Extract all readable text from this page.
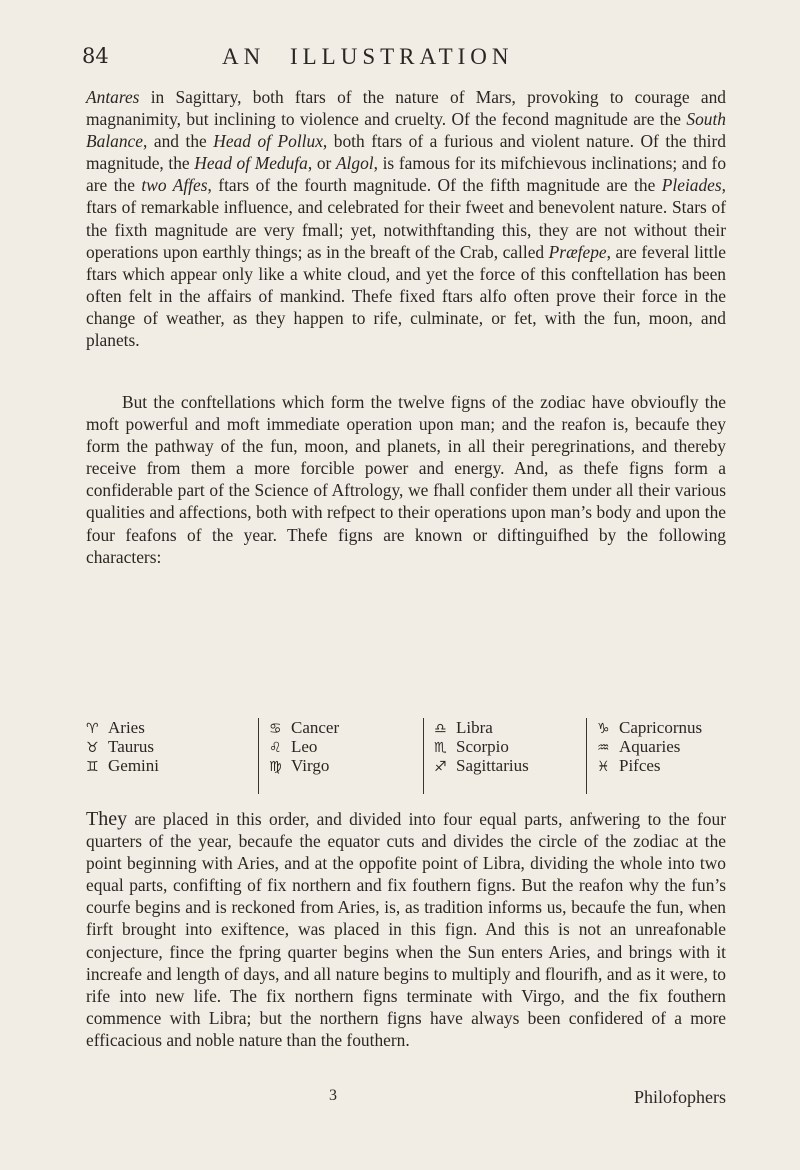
84	AN ILLUSTRATION

Antares in Sagittary, both ftars of the nature of Mars, provoking to courage and magnanimity, but inclining to violence and cruelty. Of the fecond magnitude are the South Balance, and the Head of Pollux, both ftars of a furious and violent nature. Of the third magnitude, the Head of Medufa, or Algol, is famous for its mifchievous inclinations; and fo are the two Affes, ftars of the fourth magnitude. Of the fifth magnitude are the Pleiades, ftars of remarkable influence, and celebrated for their fweet and benevolent nature. Stars of the fixth magnitude are very fmall; yet, notwithftanding this, they are not without their operations upon earthly things; as in the breaft of the Crab, called Præfepe, are feveral little ftars which appear only like a white cloud, and yet the force of this conftellation has been often felt in the affairs of mankind. Thefe fixed ftars alfo often prove their force in the change of weather, as they happen to rife, culminate, or fet, with the fun, moon, and planets.

But the conftellations which form the twelve figns of the zodiac have obvioufly the moft powerful and moft immediate operation upon man; and the reafon is, becaufe they form the pathway of the fun, moon, and planets, in all their peregrinations, and thereby receive from them a more forcible power and energy. And, as thefe figns form a confiderable part of the Science of Aftrology, we fhall confider them under all their various qualities and affections, both with refpect to their operations upon man’s body and upon the four feafons of the year. Thefe figns are known or diftinguifhed by the following characters:

♈ Aries
♉ Taurus
♊ Gemini
♋ Cancer
♌ Leo
♍ Virgo
♎ Libra
♏ Scorpio
♐ Sagittarius
♑ Capricornus
♒ Aquaries
♓ Pifces

They are placed in this order, and divided into four equal parts, anfwering to the four quarters of the year, becaufe the equator cuts and divides the circle of the zodiac at the point beginning with Aries, and at the oppofite point of Libra, dividing the whole into two equal parts, confifting of fix northern and fix fouthern figns. But the reafon why the fun’s courfe begins and is reckoned from Aries, is, as tradition informs us, becaufe the fun, when firft brought into exiftence, was placed in this fign. And this is not an unreafonable conjecture, fince the fpring quarter begins when the Sun enters Aries, and brings with it increafe and length of days, and all nature begins to multiply and flourifh, and as it were, to rife into new life. The fix northern figns terminate with Virgo, and the fix fouthern commence with Libra; but the northern figns have always been confidered of a more efficacious and noble nature than the fouthern.

3	Philofophers
